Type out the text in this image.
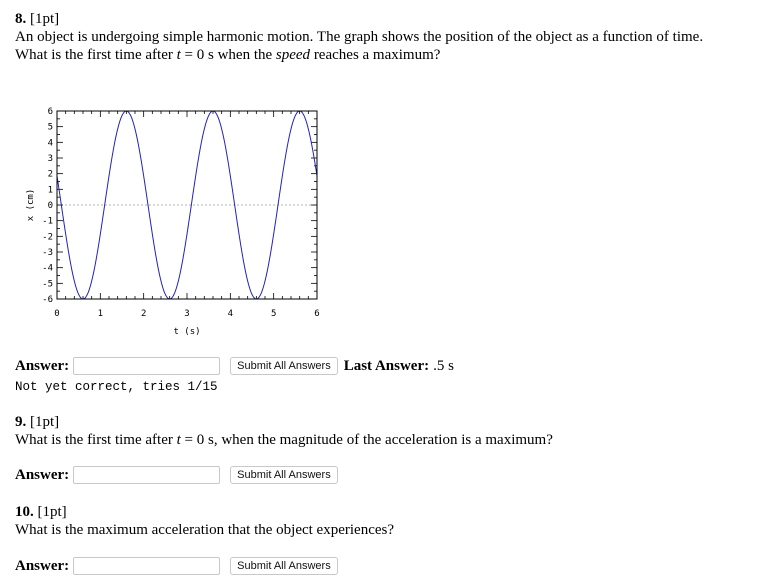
8. [1pt]
An object is undergoing simple harmonic motion. The graph shows the position of the object as a function of time.
What is the first time after t = 0 s when the speed reaches a maximum?
0	1	2	3	4	5	6
6
5
4
3
2
1
0
-1
-2
-3
-4
-5
-6
t (s)
x (cm)
Answer:	Submit All Answers Last Answer: .5 s
Not yet correct, tries 1/15
9. [1pt]
What is the first time after t = 0 s, when the magnitude of the acceleration is a maximum?
Answer:	Submit All Answers
10. [1pt]
What is the maximum acceleration that the object experiences?
Answer:	Submit All Answers
